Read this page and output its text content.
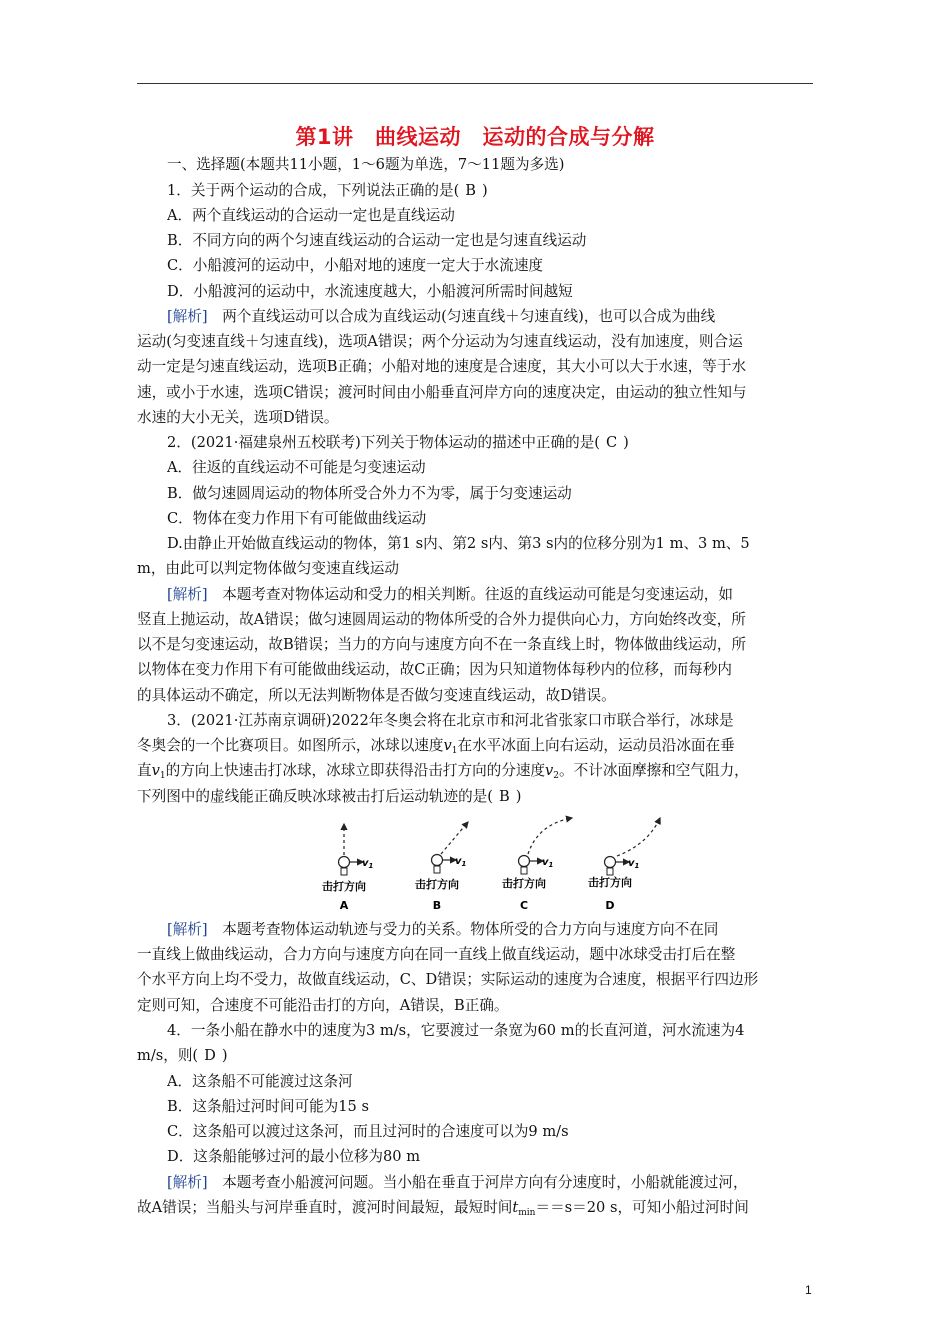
第1讲　曲线运动　运动的合成与分解
一、选择题(本题共11小题，1～6题为单选，7～11题为多选)
1．关于两个运动的合成，下列说法正确的是( B )
A．两个直线运动的合运动一定也是直线运动
B．不同方向的两个匀速直线运动的合运动一定也是匀速直线运动
C．小船渡河的运动中，小船对地的速度一定大于水流速度
D．小船渡河的运动中，水流速度越大，小船渡河所需时间越短
[解析]　 两个直线运动可以合成为直线运动(匀速直线＋匀速直线)，也可以合成为曲线
运动(匀变速直线＋匀速直线)，选项A错误；两个分运动为匀速直线运动，没有加速度，则合运
动一定是匀速直线运动，选项B正确；小船对地的速度是合速度，其大小可以大于水速，等于水
速，或小于水速，选项C错误；渡河时间由小船垂直河岸方向的速度决定，由运动的独立性知与
水速的大小无关，选项D错误。
2．(2021·福建泉州五校联考)下列关于物体运动的描述中正确的是( C )
A．往返的直线运动不可能是匀变速运动
B．做匀速圆周运动的物体所受合外力不为零，属于匀变速运动
C．物体在变力作用下有可能做曲线运动
D.由静止开始做直线运动的物体，第1 s内、第2 s内、第3 s内的位移分别为1 m、3 m、5
m，由此可以判定物体做匀变速直线运动
[解析]　 本题考查对物体运动和受力的相关判断。往返的直线运动可能是匀变速运动，如
竖直上抛运动，故A错误；做匀速圆周运动的物体所受的合外力提供向心力，方向始终改变，所
以不是匀变速运动，故B错误；当力的方向与速度方向不在一条直线上时，物体做曲线运动，所
以物体在变力作用下有可能做曲线运动，故C正确；因为只知道物体每秒内的位移，而每秒内
的具体运动不确定，所以无法判断物体是否做匀变速直线运动，故D错误。
3．(2021·江苏南京调研)2022年冬奥会将在北京市和河北省张家口市联合举行，冰球是
冬奥会的一个比赛项目。如图所示，冰球以速度$v_1$在水平冰面上向右运动，运动员沿冰面在垂
直$v_1$的方向上快速击打冰球，冰球立即获得沿击打方向的分速度$v_2$。不计冰面摩擦和空气阻力，
下列图中的虚线能正确反映冰球被击打后运动轨迹的是( B )
$v_1$
击打方向
A
$v_1$
击打方向
B
$v_1$
击打方向
C
$v_1$
击打方向
D
[解析]　 本题考查物体运动轨迹与受力的关系。物体所受的合力方向与速度方向不在同
一直线上做曲线运动，合力方向与速度方向在同一直线上做直线运动，题中冰球受击打后在整
个水平方向上均不受力，故做直线运动，C、D错误；实际运动的速度为合速度，根据平行四边形
定则可知，合速度不可能沿击打的方向，A错误，B正确。
4．一条小船在静水中的速度为3 m/s，它要渡过一条宽为60 m的长直河道，河水流速为4
m/s，则( D )
A．这条船不可能渡过这条河
B．这条船过河时间可能为15 s
C．这条船可以渡过这条河，而且过河时的合速度可以为9 m/s
D．这条船能够过河的最小位移为80 m
[解析]　 本题考查小船渡河问题。当小船在垂直于河岸方向有分速度时，小船就能渡过河，
故A错误；当船头与河岸垂直时，渡河时间最短，最短时间$t_{min}==s=20$ s，可知小船过河时间
1
